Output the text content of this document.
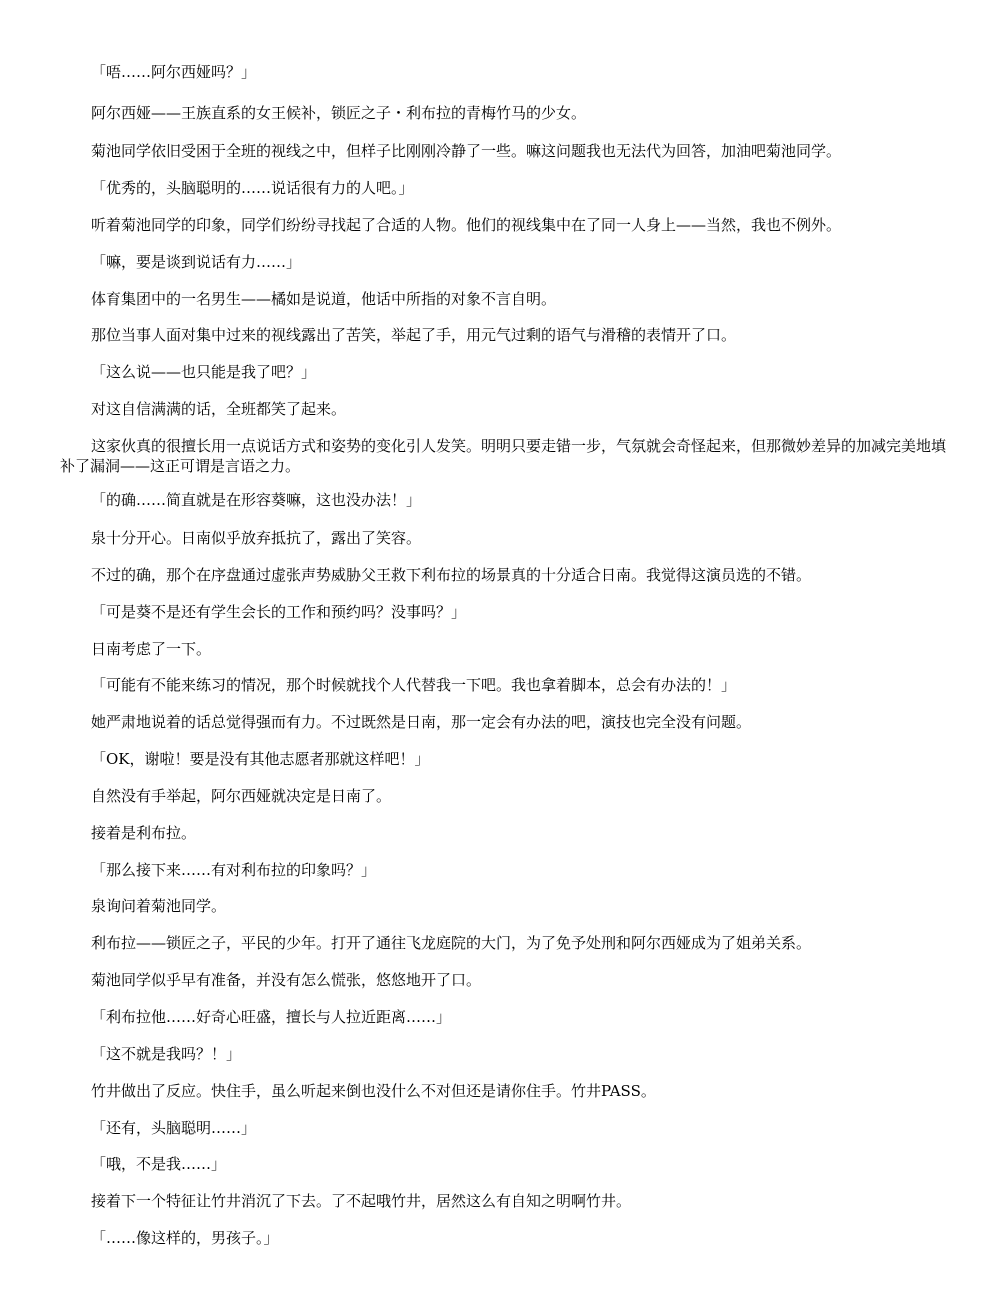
「唔……阿尔西娅吗？」

阿尔西娅——王族直系的女王候补，锁匠之子・利布拉的青梅竹马的少女。

菊池同学依旧受困于全班的视线之中，但样子比刚刚冷静了一些。嘛这问题我也无法代为回答，加油吧菊池同学。

「优秀的，头脑聪明的……说话很有力的人吧。」

听着菊池同学的印象，同学们纷纷寻找起了合适的人物。他们的视线集中在了同一人身上——当然，我也不例外。

「嘛，要是谈到说话有力……」

体育集团中的一名男生——橘如是说道，他话中所指的对象不言自明。

那位当事人面对集中过来的视线露出了苦笑，举起了手，用元气过剩的语气与滑稽的表情开了口。

「这么说——也只能是我了吧？」

对这自信满满的话，全班都笑了起来。

这家伙真的很擅长用一点说话方式和姿势的变化引人发笑。明明只要走错一步，气氛就会奇怪起来，但那微妙差异的加减完美地填补了漏洞——这正可谓是言语之力。

「的确……简直就是在形容葵嘛，这也没办法！」

泉十分开心。日南似乎放弃抵抗了，露出了笑容。

不过的确，那个在序盘通过虚张声势威胁父王救下利布拉的场景真的十分适合日南。我觉得这演员选的不错。

「可是葵不是还有学生会长的工作和预约吗？没事吗？」

日南考虑了一下。

「可能有不能来练习的情况，那个时候就找个人代替我一下吧。我也拿着脚本，总会有办法的！」

她严肃地说着的话总觉得强而有力。不过既然是日南，那一定会有办法的吧，演技也完全没有问题。

「OK，谢啦！要是没有其他志愿者那就这样吧！」

自然没有手举起，阿尔西娅就决定是日南了。

接着是利布拉。

「那么接下来……有对利布拉的印象吗？」

泉询问着菊池同学。

利布拉——锁匠之子，平民的少年。打开了通往飞龙庭院的大门，为了免予处刑和阿尔西娅成为了姐弟关系。

菊池同学似乎早有准备，并没有怎么慌张，悠悠地开了口。

「利布拉他……好奇心旺盛，擅长与人拉近距离……」

「这不就是我吗？！」

竹井做出了反应。快住手，虽么听起来倒也没什么不对但还是请你住手。竹井PASS。

「还有，头脑聪明……」

「哦，不是我……」

接着下一个特征让竹井消沉了下去。了不起哦竹井，居然这么有自知之明啊竹井。

「……像这样的，男孩子。」
